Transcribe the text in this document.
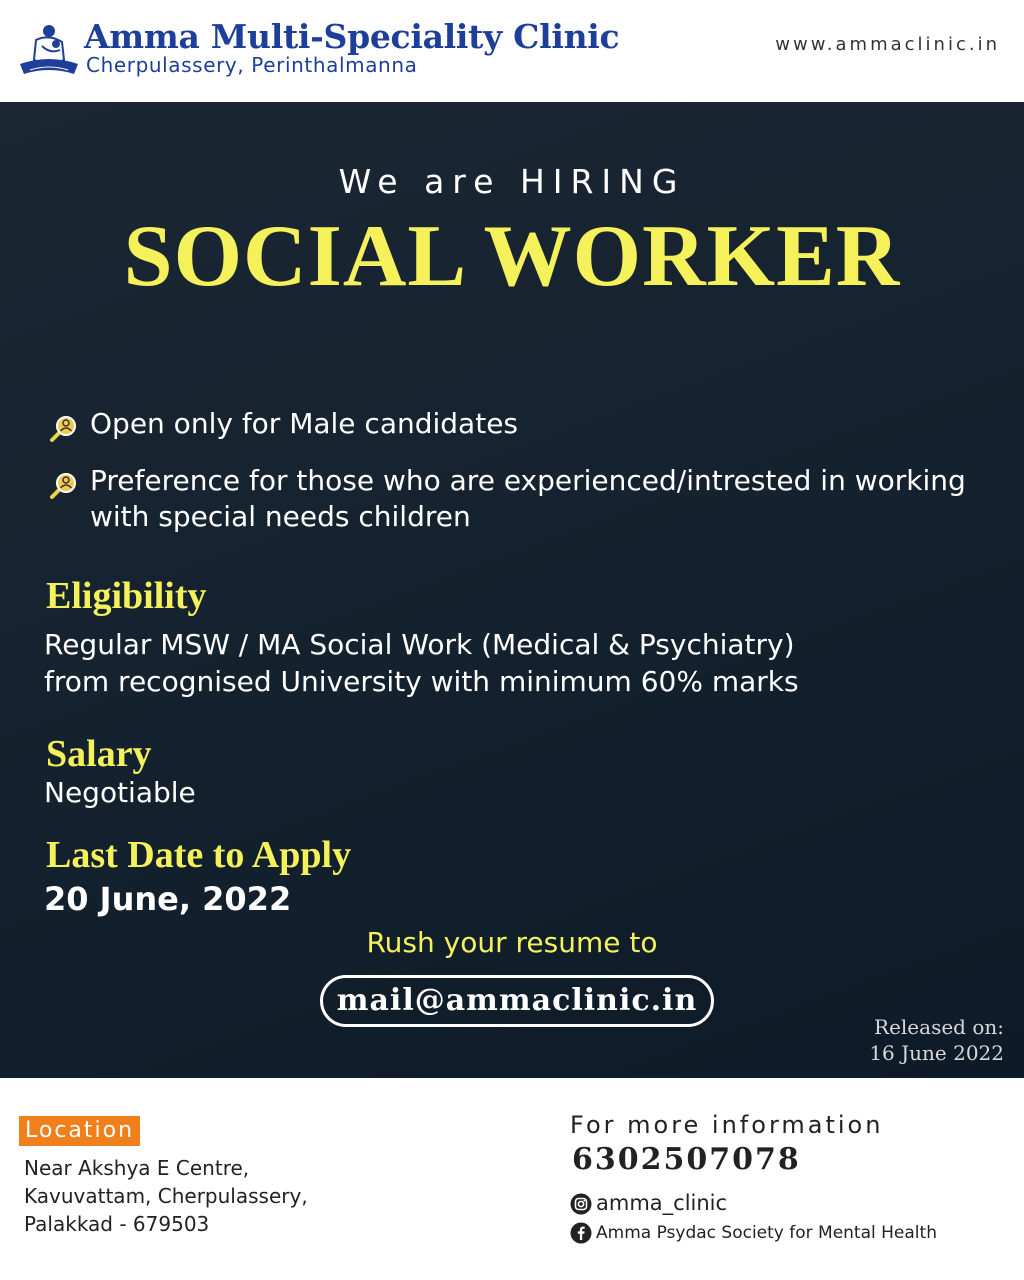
Amma Multi-Speciality Clinic
Cherpulassery, Perinthalmanna
www.ammaclinic.in
We are HIRING
SOCIAL WORKER
Open only for Male candidates
Preference for those who are experienced/intrested in working with special needs children
Eligibility
Regular MSW / MA Social Work (Medical & Psychiatry)
from recognised University with minimum 60% marks
Salary
Negotiable
Last Date to Apply
20 June, 2022
Rush your resume to
mail@ammaclinic.in
Released on:
16 June 2022
Location
Near Akshya E Centre,
Kavuvattam, Cherpulassery,
Palakkad - 679503
For more information
6302507078
amma_clinic
Amma Psydac Society for Mental Health
